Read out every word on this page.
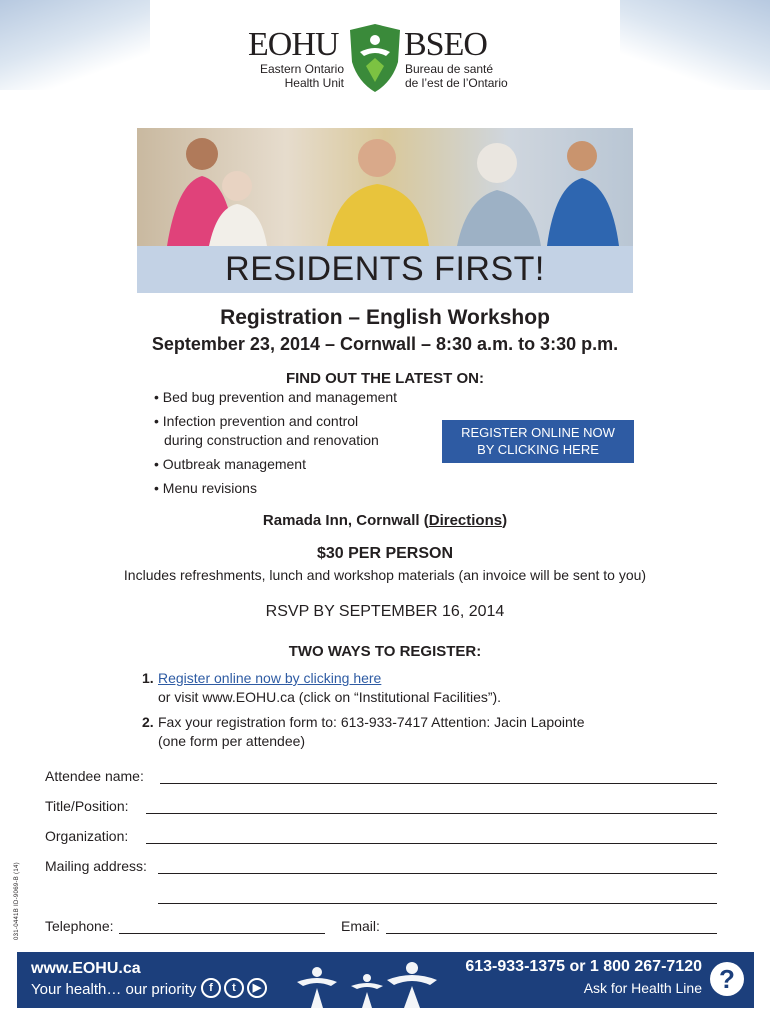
EOHU BSEO
Eastern Ontario
Health Unit
Bureau de santé
de l’est de l’Ontario
RESIDENTS FIRST!
Registration – English Workshop
September 23, 2014 – Cornwall – 8:30 a.m. to 3:30 p.m.
FIND OUT THE LATEST ON:
• Bed bug prevention and management
• Infection prevention and control
during construction and renovation
• Outbreak management
• Menu revisions
REGISTER ONLINE NOW
BY CLICKING HERE
Ramada Inn, Cornwall (Directions)
$30 PER PERSON
Includes refreshments, lunch and workshop materials (an invoice will be sent to you)
RSVP BY SEPTEMBER 16, 2014
TWO WAYS TO REGISTER:
1. Register online now by clicking here
or visit www.EOHU.ca (click on “Institutional Facilities”).
2. Fax your registration form to: 613-933-7417 Attention: Jacin Lapointe
(one form per attendee)
Attendee name:
Title/Position:
Organization:
Mailing address:
Telephone:	Email:
031-0441B ID-9069-B (14)
www.EOHU.ca
Your health… our priority	f	t	▶
613-933-1375 or 1 800 267-7120
Ask for Health Line ?
